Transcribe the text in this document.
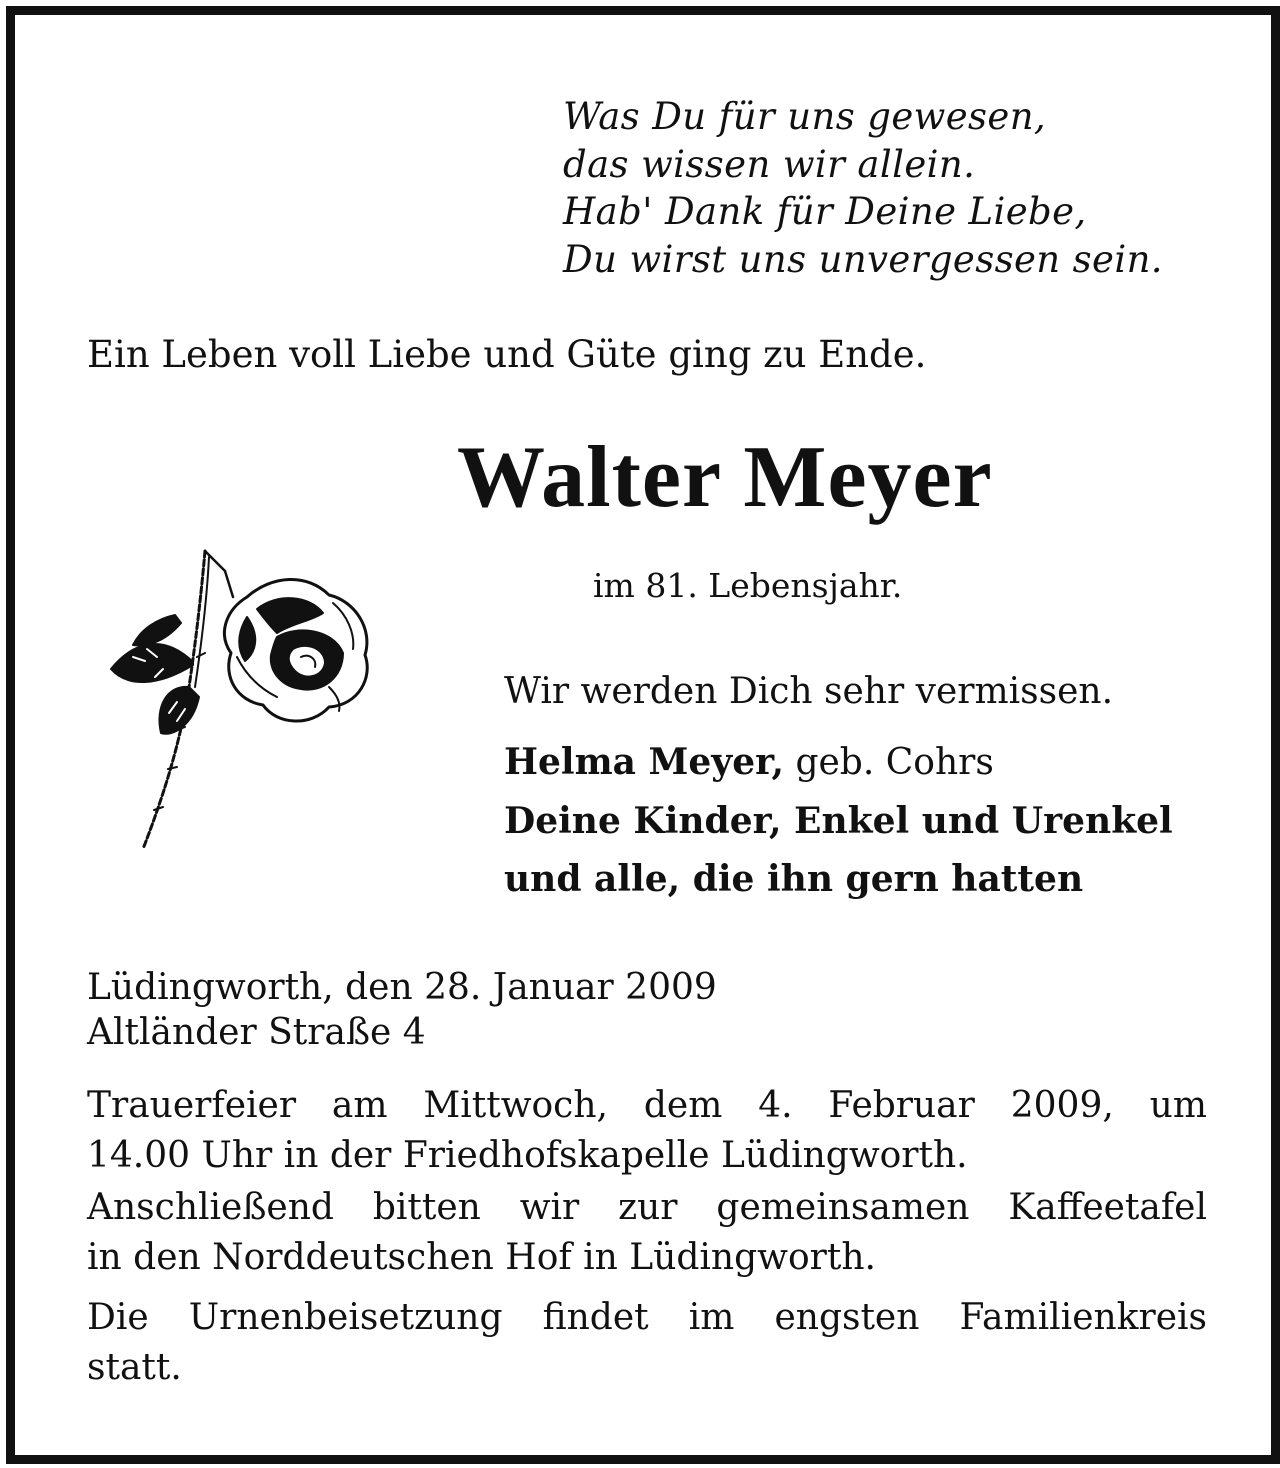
Was Du für uns gewesen,
das wissen wir allein.
Hab' Dank für Deine Liebe,
Du wirst uns unvergessen sein.
Ein Leben voll Liebe und Güte ging zu Ende.
Walter Meyer
im 81. Lebensjahr.
Wir werden Dich sehr vermissen.
Helma Meyer, geb. Cohrs
Deine Kinder, Enkel und Urenkel
und alle, die ihn gern hatten
Lüdingworth, den 28. Januar 2009
Altländer Straße 4
Trauerfeier am Mittwoch, dem 4. Februar 2009, um
14.00 Uhr in der Friedhofskapelle Lüdingworth.
Anschließend bitten wir zur gemeinsamen Kaffeetafel
in den Norddeutschen Hof in Lüdingworth.
Die Urnenbeisetzung findet im engsten Familienkreis
statt.
